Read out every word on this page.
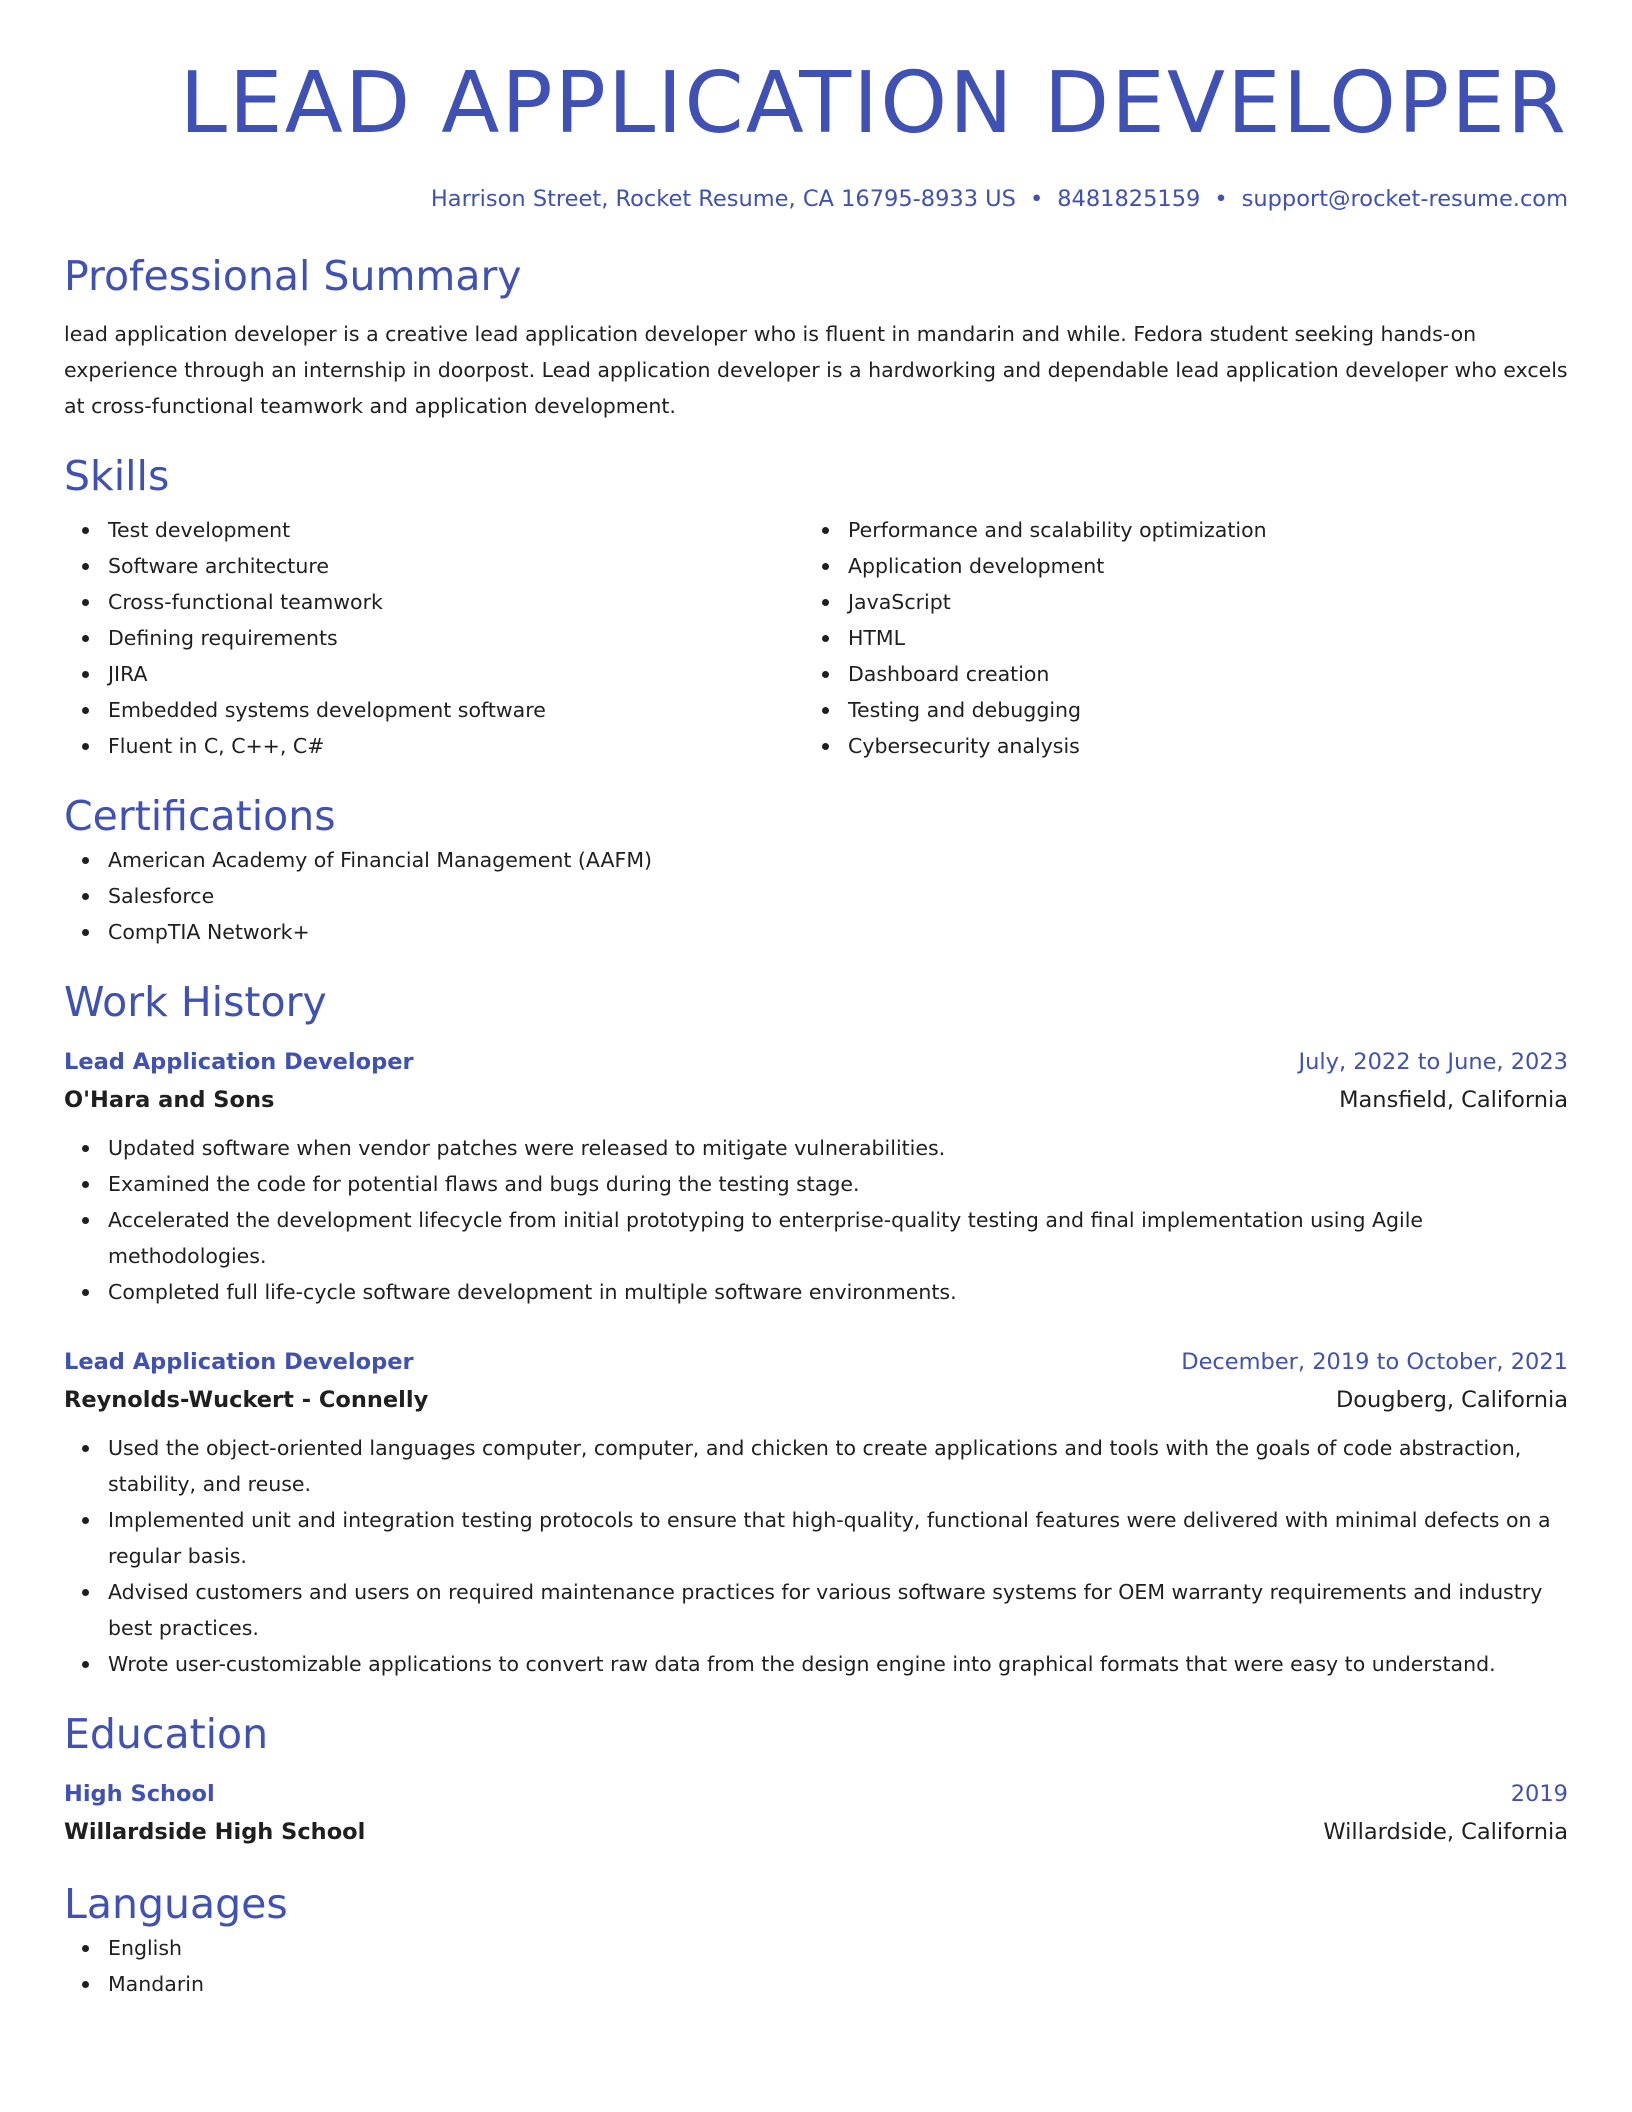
LEAD APPLICATION DEVELOPER
Harrison Street, Rocket Resume, CA 16795-8933 US • 8481825159 • support@rocket-resume.com
Professional Summary

lead application developer is a creative lead application developer who is fluent in mandarin and while. Fedora student seeking hands-on experience through an internship in doorpost. Lead application developer is a hardworking and dependable lead application developer who excels at cross-functional teamwork and application development.

Skills
Test development
Software architecture
Cross-functional teamwork
Defining requirements
JIRA
Embedded systems development software
Fluent in C, C++, C#
Performance and scalability optimization
Application development
JavaScript
HTML
Dashboard creation
Testing and debugging
Cybersecurity analysis
Certifications
American Academy of Financial Management (AAFM)
Salesforce
CompTIA Network+
Work History
Lead Application Developer	July, 2022 to June, 2023
O'Hara and Sons	Mansfield, California
Updated software when vendor patches were released to mitigate vulnerabilities.
Examined the code for potential flaws and bugs during the testing stage.
Accelerated the development lifecycle from initial prototyping to enterprise-quality testing and final implementation using Agile methodologies.
Completed full life-cycle software development in multiple software environments.
Lead Application Developer	December, 2019 to October, 2021
Reynolds-Wuckert - Connelly	Dougberg, California
Used the object-oriented languages computer, computer, and chicken to create applications and tools with the goals of code abstraction, stability, and reuse.
Implemented unit and integration testing protocols to ensure that high-quality, functional features were delivered with minimal defects on a regular basis.
Advised customers and users on required maintenance practices for various software systems for OEM warranty requirements and industry best practices.
Wrote user-customizable applications to convert raw data from the design engine into graphical formats that were easy to understand.
Education
High School	2019
Willardside High School	Willardside, California
Languages
English
Mandarin
